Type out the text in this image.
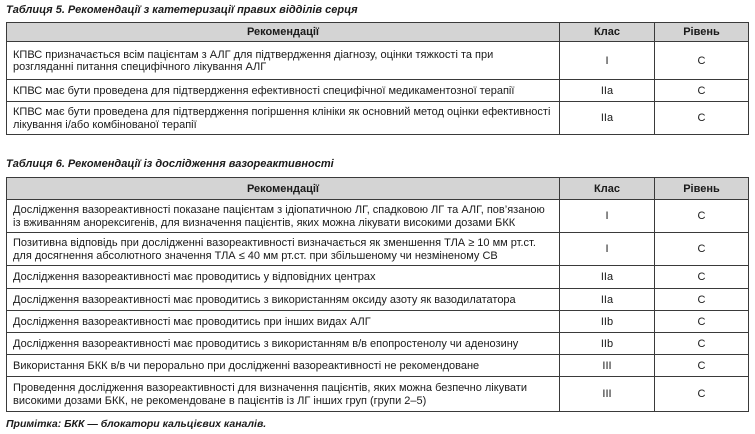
Таблиця 5. Рекомендації з катетеризації правих відділів серця
Рекомендації	Клас	Рівень
КПВС призначається всім пацієнтам з АЛГ для підтвердження діагнозу, оцінки тяжкості та при розгляданні питання специфічного лікування АЛГ	I	С
КПВС має бути проведена для підтвердження ефективності специфічної медикаментозної терапії	IIa	С
КПВС має бути проведена для підтвердження погіршення клініки як основний метод оцінки ефективності лікування і/або комбінованої терапії	IIa	С
Таблиця 6. Рекомендації із дослідження вазореактивності
Рекомендації	Клас	Рівень
Дослідження вазореактивності показане пацієнтам з ідіопатичною ЛГ, спадковою ЛГ та АЛГ, пов’язаною із вживанням анорексигенів, для визначення пацієнтів, яких можна лікувати високими дозами БКК	I	С
Позитивна відповідь при дослідженні вазореактивності визначається як зменшення ТЛА ≥ 10 мм рт.ст. для досягнення абсолютного значення ТЛА ≤ 40 мм рт.ст. при збільшеному чи незміненому СВ	I	С
Дослідження вазореактивності має проводитись у відповідних центрах	IIa	С
Дослідження вазореактивності має проводитись з використанням оксиду азоту як вазодилататора	IIa	С
Дослідження вазореактивності має проводитись при інших видах АЛГ	IIb	С
Дослідження вазореактивності має проводитись з використанням в/в епопростенолу чи аденозину	IIb	С
Використання БКК в/в чи перорально при дослідженні вазореактивності не рекомендоване	III	С
Проведення дослідження вазореактивності для визначення пацієнтів, яких можна безпечно лікувати високими дозами БКК, не рекомендоване в пацієнтів із ЛГ інших груп (групи 2–5)	III	С
Примітка: БКК — блокатори кальцієвих каналів.
